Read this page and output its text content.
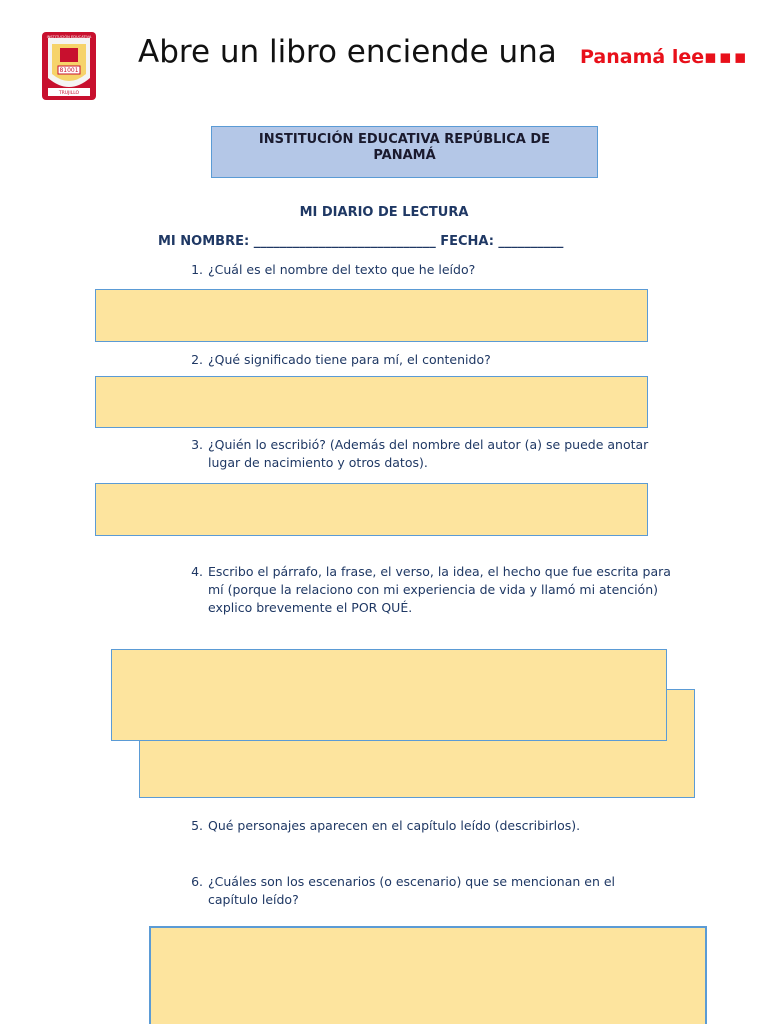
81001
TRUJILLO
INSTITUCIÓN EDUCATIVA Abre un libro enciende una	Panamá lee▪▪▪
INSTITUCIÓN EDUCATIVA REPÚBLICA DE PANAMÁ
MI DIARIO DE LECTURA
MI NOMBRE: ____________________________ FECHA: __________
1. ¿Cuál es el nombre del texto que he leído?
2. ¿Qué significado tiene para mí, el contenido?
3. ¿Quién lo escribió? (Además del nombre del autor (a) se puede anotar lugar de nacimiento y otros datos).
4. Escribo el párrafo, la frase, el verso, la idea, el hecho que fue escrita para mí (porque la relaciono con mi experiencia de vida y llamó mi atención) explico brevemente el POR QUÉ.
5. Qué personajes aparecen en el capítulo leído (describirlos).
6. ¿Cuáles son los escenarios (o escenario) que se mencionan en el capítulo leído?
